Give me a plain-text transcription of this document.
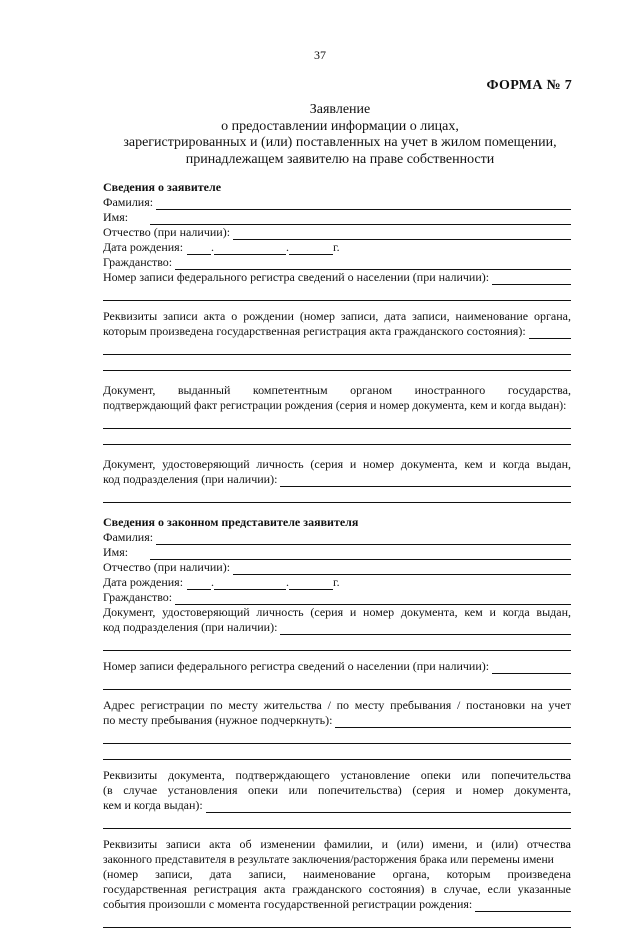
37
ФОРМА № 7
Заявление
о предоставлении информации о лицах,
зарегистрированных и (или) поставленных на учет в жилом помещении,
принадлежащем заявителю на праве собственности
Сведения о заявителе
Фамилия:
Имя:
Отчество (при наличии):
Дата рождения: .	.	г.
Гражданство:
Номер записи федерального регистра сведений о населении (при наличии):
Реквизиты записи акта о рождении (номер записи, дата записи, наименование органа,
которым произведена государственная регистрация акта гражданского состояния):
Документ, выданный компетентным органом иностранного государства,
подтверждающий факт регистрации рождения (серия и номер документа, кем и когда выдан):
Документ, удостоверяющий личность (серия и номер документа, кем и когда выдан,
код подразделения (при наличии):
Сведения о законном представителе заявителя
Фамилия:
Имя:
Отчество (при наличии):
Дата рождения: .	.	г.
Гражданство:
Документ, удостоверяющий личность (серия и номер документа, кем и когда выдан,
код подразделения (при наличии):
Номер записи федерального регистра сведений о населении (при наличии):
Адрес регистрации по месту жительства / по месту пребывания / постановки на учет
по месту пребывания (нужное подчеркнуть):
Реквизиты документа, подтверждающего установление опеки или попечительства
(в случае установления опеки или попечительства) (серия и номер документа,
кем и когда выдан):
Реквизиты записи акта об изменении фамилии, и (или) имени, и (или) отчества
законного представителя в результате заключения/расторжения брака или перемены имени
(номер записи, дата записи, наименование органа, которым произведена
государственная регистрация акта гражданского состояния) в случае, если указанные
события произошли с момента государственной регистрации рождения:
